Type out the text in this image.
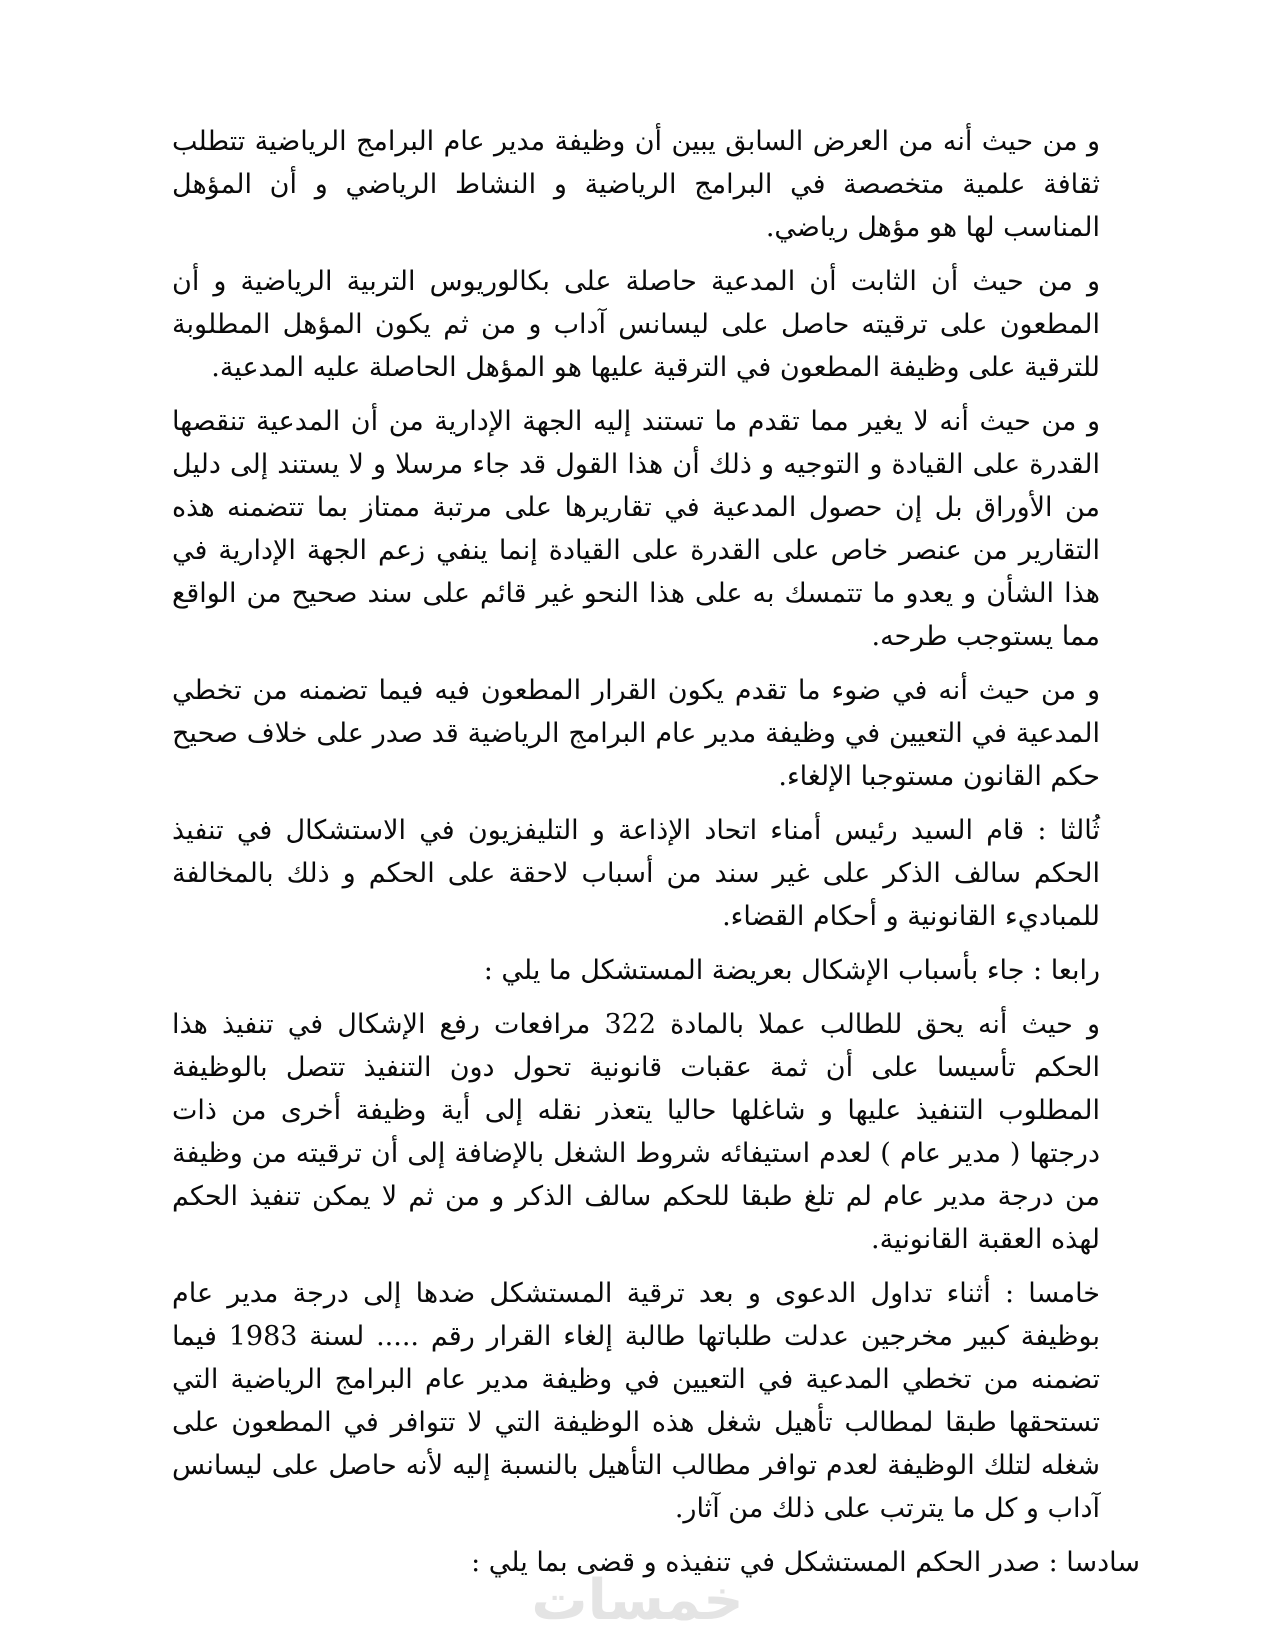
و من حيث أنه من العرض السابق يبين أن وظيفة مدير عام البرامج الرياضية تتطلب ثقافة علمية متخصصة في البرامج الرياضية و النشاط الرياضي و أن المؤهل المناسب لها هو مؤهل رياضي.

و من حيث أن الثابت أن المدعية حاصلة على بكالوريوس التربية الرياضية و أن المطعون على ترقيته حاصل على ليسانس آداب و من ثم يكون المؤهل المطلوبة للترقية على وظيفة المطعون في الترقية عليها هو المؤهل الحاصلة عليه المدعية.

و من حيث أنه لا يغير مما تقدم ما تستند إليه الجهة الإدارية من أن المدعية تنقصها القدرة على القيادة و التوجيه و ذلك أن هذا القول قد جاء مرسلا و لا يستند إلى دليل من الأوراق بل إن حصول المدعية في تقاريرها على مرتبة ممتاز بما تتضمنه هذه التقارير من عنصر خاص على القدرة على القيادة إنما ينفي زعم الجهة الإدارية في هذا الشأن و يعدو ما تتمسك به على هذا النحو غير قائم على سند صحيح من الواقع مما يستوجب طرحه.

و من حيث أنه في ضوء ما تقدم يكون القرار المطعون فيه فيما تضمنه من تخطي المدعية في التعيين في وظيفة مدير عام البرامج الرياضية قد صدر على خلاف صحيح حكم القانون مستوجبا الإلغاء.

ثُالثا : قام السيد رئيس أمناء اتحاد الإذاعة و التليفزيون في الاستشكال في تنفيذ الحكم سالف الذكر على غير سند من أسباب لاحقة على الحكم و ذلك بالمخالفة للمباديء القانونية و أحكام القضاء.

رابعا : جاء بأسباب الإشكال بعريضة المستشكل ما يلي :

و حيث أنه يحق للطالب عملا بالمادة 322 مرافعات رفع الإشكال في تنفيذ هذا الحكم تأسيسا على أن ثمة عقبات قانونية تحول دون التنفيذ تتصل بالوظيفة المطلوب التنفيذ عليها و شاغلها حاليا يتعذر نقله إلى أية وظيفة أخرى من ذات درجتها ( مدير عام ) لعدم استيفائه شروط الشغل بالإضافة إلى أن ترقيته من وظيفة من درجة مدير عام لم تلغ طبقا للحكم سالف الذكر و من ثم لا يمكن تنفيذ الحكم لهذه العقبة القانونية.

خامسا : أثناء تداول الدعوى و بعد ترقية المستشكل ضدها إلى درجة مدير عام بوظيفة كبير مخرجين عدلت طلباتها طالبة إلغاء القرار رقم ..... لسنة 1983 فيما تضمنه من تخطي المدعية في التعيين في وظيفة مدير عام البرامج الرياضية التي تستحقها طبقا لمطالب تأهيل شغل هذه الوظيفة التي لا تتوافر في المطعون على شغله لتلك الوظيفة لعدم توافر مطالب التأهيل بالنسبة إليه لأنه حاصل على ليسانس آداب و كل ما يترتب على ذلك من آثار.

سادسا : صدر الحكم المستشكل في تنفيذه و قضى بما يلي :

خمسات
